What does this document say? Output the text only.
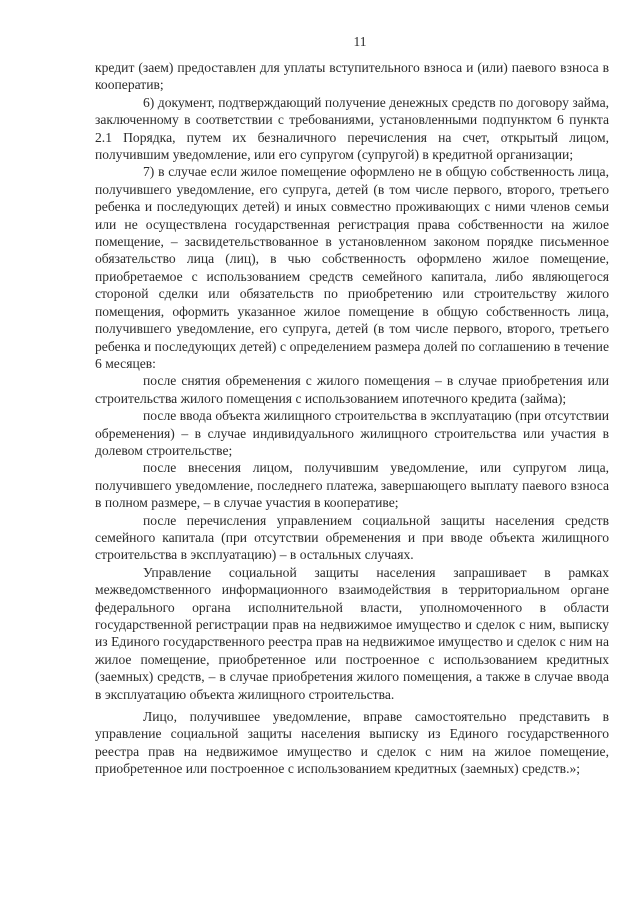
11

кредит (заем) предоставлен для уплаты вступительного взноса и (или) паевого взноса в кооператив;

6) документ, подтверждающий получение денежных средств по договору займа, заключенному в соответствии с требованиями, установленными подпунктом 6 пункта 2.1 Порядка, путем их безналичного перечисления на счет, открытый лицом, получившим уведомление, или его супругом (супругой) в кредитной организации;

7) в случае если жилое помещение оформлено не в общую собственность лица, получившего уведомление, его супруга, детей (в том числе первого, второго, третьего ребенка и последующих детей) и иных совместно проживающих с ними членов семьи или не осуществлена государственная регистрация права собственности на жилое помещение, – засвидетельствованное в установленном законом порядке письменное обязательство лица (лиц), в чью собственность оформлено жилое помещение, приобретаемое с использованием средств семейного капитала, либо являющегося стороной сделки или обязательств по приобретению или строительству жилого помещения, оформить указанное жилое помещение в общую собственность лица, получившего уведомление, его супруга, детей (в том числе первого, второго, третьего ребенка и последующих детей) с определением размера долей по соглашению в течение 6 месяцев:

после снятия обременения с жилого помещения – в случае приобретения или строительства жилого помещения с использованием ипотечного кредита (займа);

после ввода объекта жилищного строительства в эксплуатацию (при отсутствии обременения) – в случае индивидуального жилищного строительства или участия в долевом строительстве;

после внесения лицом, получившим уведомление, или супругом лица, получившего уведомление, последнего платежа, завершающего выплату паевого взноса в полном размере, – в случае участия в кооперативе;

после перечисления управлением социальной защиты населения средств семейного капитала (при отсутствии обременения и при вводе объекта жилищного строительства в эксплуатацию) – в остальных случаях.

Управление социальной защиты населения запрашивает в рамках межведомственного информационного взаимодействия в территориальном органе федерального органа исполнительной власти, уполномоченного в области государственной регистрации прав на недвижимое имущество и сделок с ним, выписку из Единого государственного реестра прав на недвижимое имущество и сделок с ним на жилое помещение, приобретенное или построенное с использованием кредитных (заемных) средств, – в случае приобретения жилого помещения, а также в случае ввода в эксплуатацию объекта жилищного строительства.

Лицо, получившее уведомление, вправе самостоятельно представить в управление социальной защиты населения выписку из Единого государственного реестра прав на недвижимое имущество и сделок с ним на жилое помещение, приобретенное или построенное с использованием кредитных (заемных) средств.»;
